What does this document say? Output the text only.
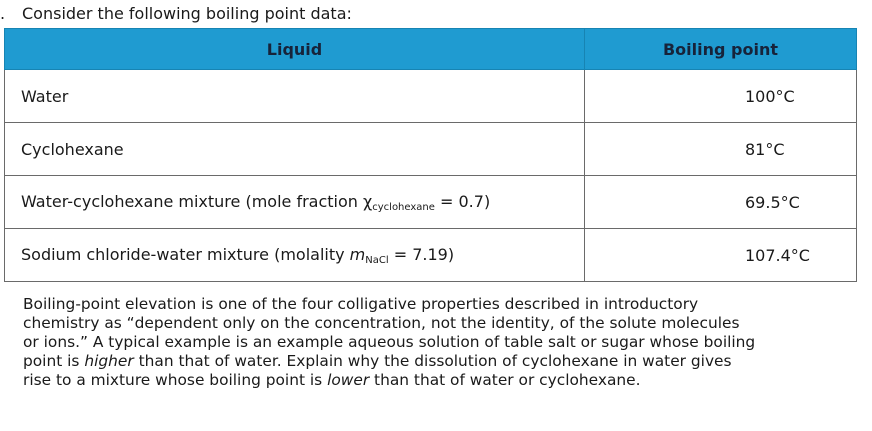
. Consider the following boiling point data:
Liquid	Boiling point
Water	100°C
Cyclohexane	81°C
Water-cyclohexane mixture (mole fraction $\chi_{cyclohexane} = 0.7$)	69.5°C
Sodium chloride-water mixture (molality $m_{NaCl} = 7.19$)	107.4°C
Boiling-point elevation is one of the four colligative properties described in introductory
chemistry as “dependent only on the concentration, not the identity, of the solute molecules
or ions.” A typical example is an example aqueous solution of table salt or sugar whose boiling
point is higher than that of water. Explain why the dissolution of cyclohexane in water gives
rise to a mixture whose boiling point is lower than that of water or cyclohexane.
